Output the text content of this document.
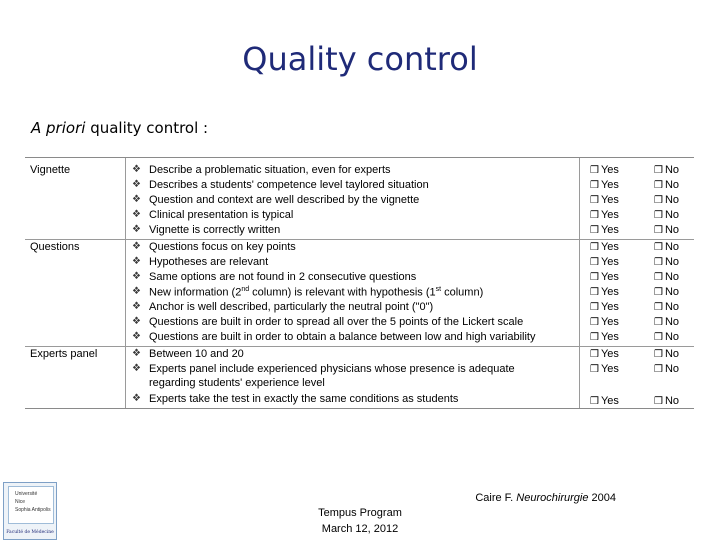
Quality control
A priori quality control :
Vignette	❖ Describe a problematic situation, even for experts	❒ Yes	❒ No
❖ Describes a students' competence level taylored situation	❒ Yes	❒ No
❖ Question and context are well described by the vignette	❒ Yes	❒ No
❖ Clinical presentation is typical	❒ Yes	❒ No
❖ Vignette is correctly written	❒ Yes	❒ No
Questions	❖ Questions focus on key points	❒ Yes	❒ No
❖ Hypotheses are relevant	❒ Yes	❒ No
❖ Same options are not found in 2 consecutive questions	❒ Yes	❒ No
❖ New information (2nd column) is relevant with hypothesis (1st column)	❒ Yes	❒ No
❖ Anchor is well described, particularly the neutral point ("0")	❒ Yes	❒ No
❖ Questions are built in order to spread all over the 5 points of the Lickert scale	❒ Yes	❒ No
❖ Questions are built in order to obtain a balance between low and high variability	❒ Yes	❒ No
Experts panel	❖ Between 10 and 20	❒ Yes	❒ No
❖ Experts panel include experienced physicians whose presence is adequate
regarding students' experience level
❒ Yes	❒ No
❖ Experts take the test in exactly the same conditions as students	❒ Yes	❒ No
Université
Nice
Sophia Antipolis
Faculté de Médecine
Tempus Program
March 12, 2012
Caire F. Neurochirurgie 2004
